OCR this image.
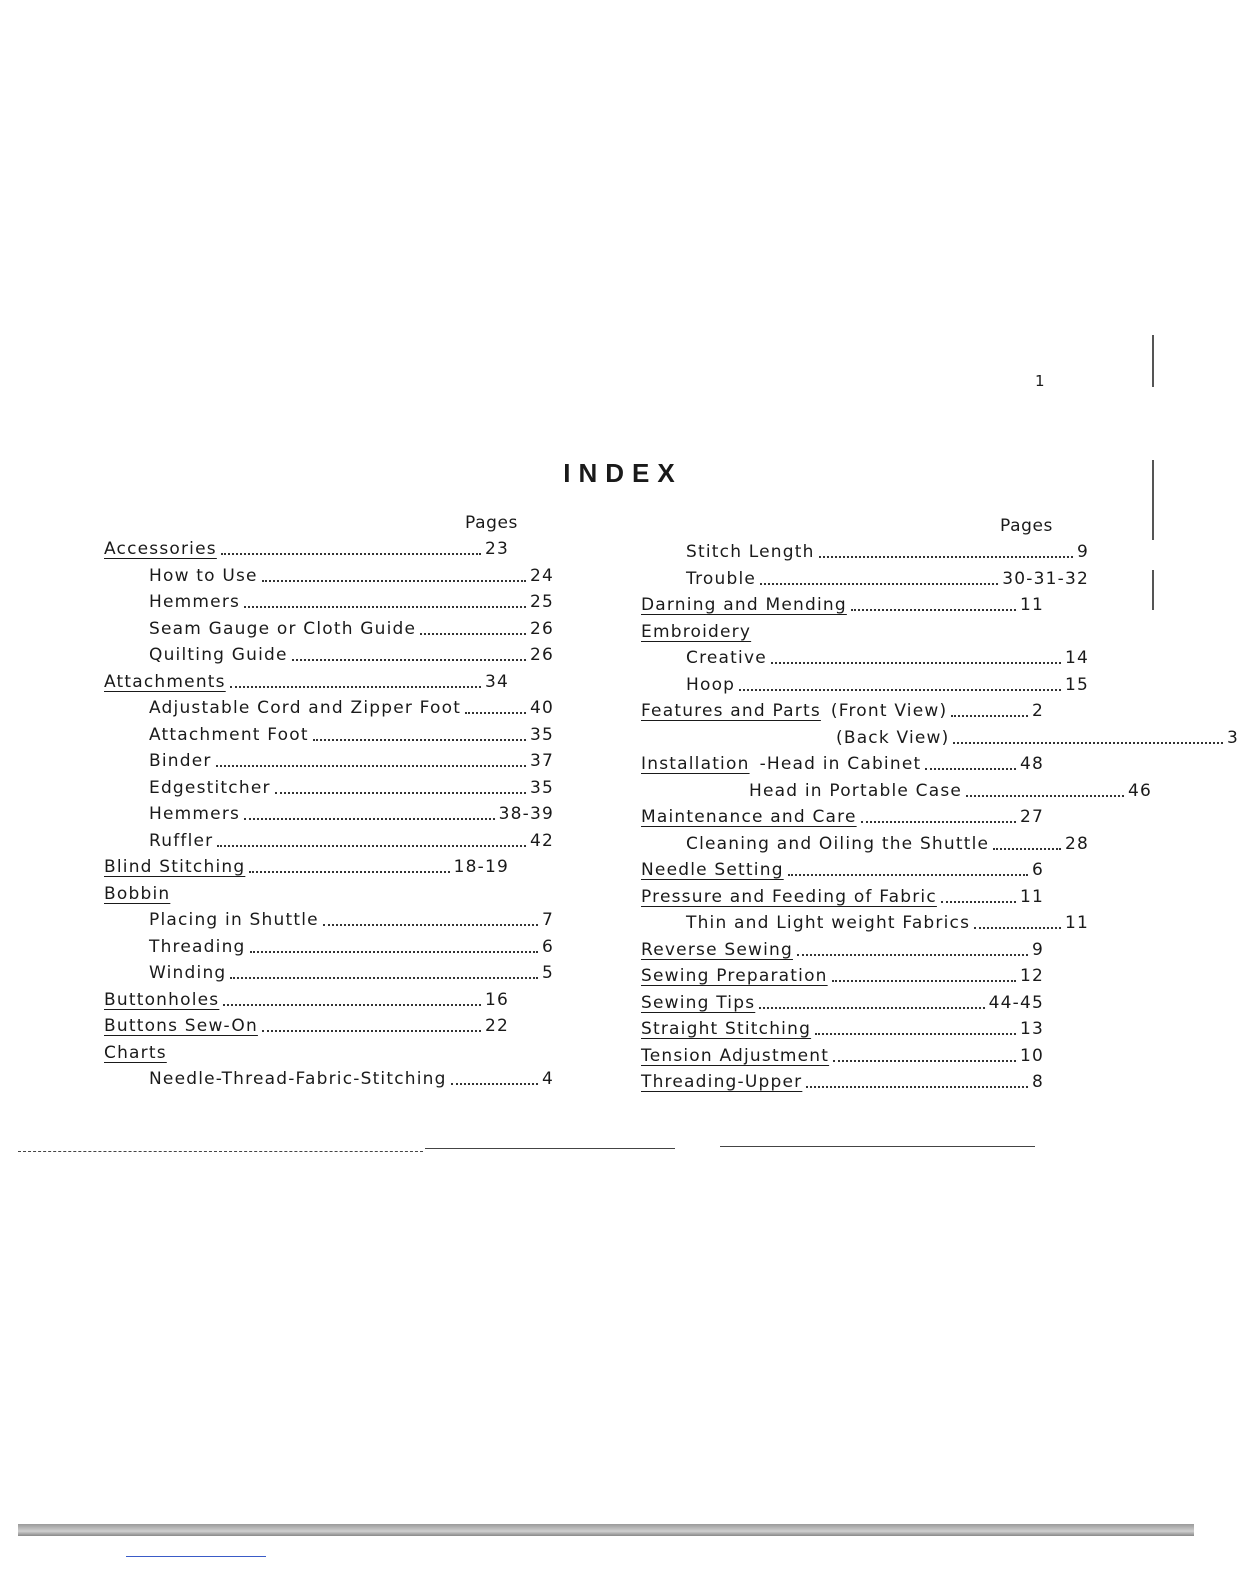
1
INDEX
Pages
Accessories	23
How to Use	24
Hemmers	25
Seam Gauge or Cloth Guide	26
Quilting Guide	26
Attachments	34
Adjustable Cord and Zipper Foot	40
Attachment Foot	35
Binder	37
Edgestitcher	35
Hemmers	38-39
Ruffler	42
Blind Stitching	18-19
Bobbin
Placing in Shuttle	7
Threading	6
Winding	5
Buttonholes	16
Buttons Sew-On	22
Charts
Needle-Thread-Fabric-Stitching	4
Pages
Stitch Length	9
Trouble	30-31-32
Darning and Mending	11
Embroidery
Creative	14
Hoop	15
Features and Parts (Front View)	2
(Back View)	3
Installation -Head in Cabinet	48
Head in Portable Case	46
Maintenance and Care	27
Cleaning and Oiling the Shuttle	28
Needle Setting	6
Pressure and Feeding of Fabric	11
Thin and Light weight Fabrics	11
Reverse Sewing	9
Sewing Preparation	12
Sewing Tips	44-45
Straight Stitching	13
Tension Adjustment	10
Threading-Upper	8
